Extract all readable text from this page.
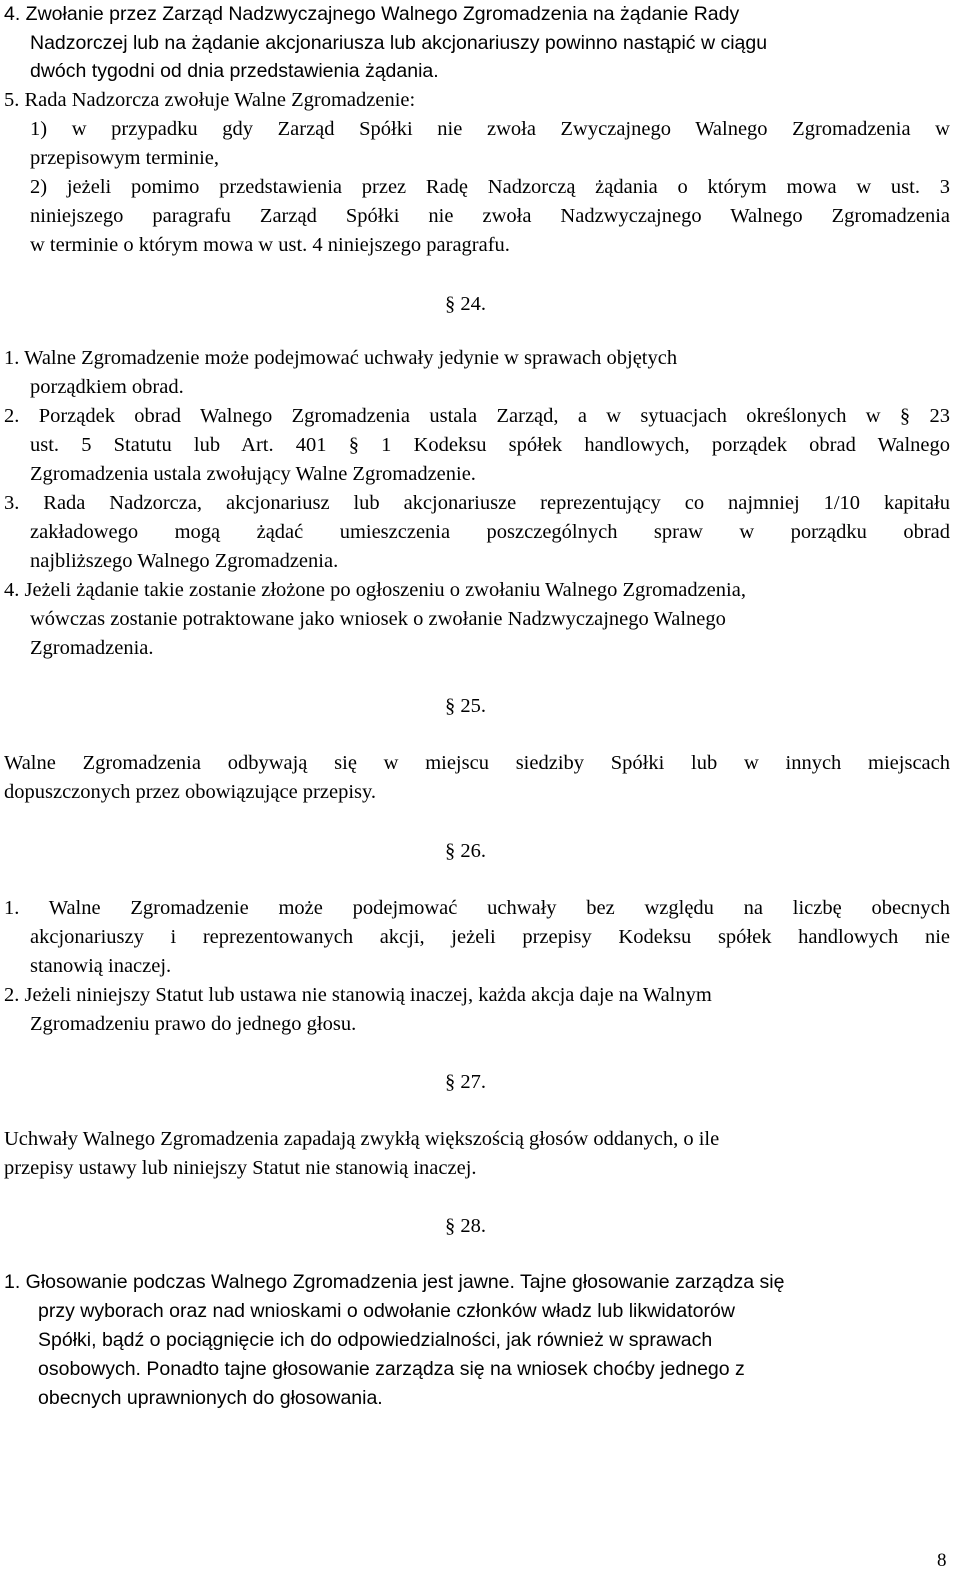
4. Zwołanie przez Zarząd Nadzwyczajnego Walnego Zgromadzenia na żądanie Rady
Nadzorczej lub na żądanie akcjonariusza lub akcjonariuszy powinno nastąpić w ciągu
dwóch tygodni od dnia przedstawienia żądania.
5. Rada Nadzorcza zwołuje Walne Zgromadzenie:
1) w przypadku gdy Zarząd Spółki nie zwoła Zwyczajnego Walnego Zgromadzenia w
przepisowym terminie,
2) jeżeli pomimo przedstawienia przez Radę Nadzorczą żądania o którym mowa w ust. 3
niniejszego paragrafu Zarząd Spółki nie zwoła Nadzwyczajnego Walnego Zgromadzenia
w terminie o którym mowa w ust. 4 niniejszego paragrafu.
§ 24.
1. Walne Zgromadzenie może podejmować uchwały jedynie w sprawach objętych
porządkiem obrad.
2. Porządek obrad Walnego Zgromadzenia ustala Zarząd, a w sytuacjach określonych w § 23
ust. 5 Statutu lub Art. 401 § 1 Kodeksu spółek handlowych, porządek obrad Walnego
Zgromadzenia ustala zwołujący Walne Zgromadzenie.
3. Rada Nadzorcza, akcjonariusz lub akcjonariusze reprezentujący co najmniej 1/10 kapitału
zakładowego mogą żądać umieszczenia poszczególnych spraw w porządku obrad
najbliższego Walnego Zgromadzenia.
4. Jeżeli żądanie takie zostanie złożone po ogłoszeniu o zwołaniu Walnego Zgromadzenia,
wówczas zostanie potraktowane jako wniosek o zwołanie Nadzwyczajnego Walnego
Zgromadzenia.
§ 25.
Walne Zgromadzenia odbywają się w miejscu siedziby Spółki lub w innych miejscach
dopuszczonych przez obowiązujące przepisy.
§ 26.
1. Walne Zgromadzenie może podejmować uchwały bez względu na liczbę obecnych
akcjonariuszy i reprezentowanych akcji, jeżeli przepisy Kodeksu spółek handlowych nie
stanowią inaczej.
2. Jeżeli niniejszy Statut lub ustawa nie stanowią inaczej, każda akcja daje na Walnym
Zgromadzeniu prawo do jednego głosu.
§ 27.
Uchwały Walnego Zgromadzenia zapadają zwykłą większością głosów oddanych, o ile
przepisy ustawy lub niniejszy Statut nie stanowią inaczej.
§ 28.
1. Głosowanie podczas Walnego Zgromadzenia jest jawne. Tajne głosowanie zarządza się
przy wyborach oraz nad wnioskami o odwołanie członków władz lub likwidatorów
Spółki, bądź o pociągnięcie ich do odpowiedzialności, jak również w sprawach
osobowych. Ponadto tajne głosowanie zarządza się na wniosek choćby jednego z
obecnych uprawnionych do głosowania.
8
